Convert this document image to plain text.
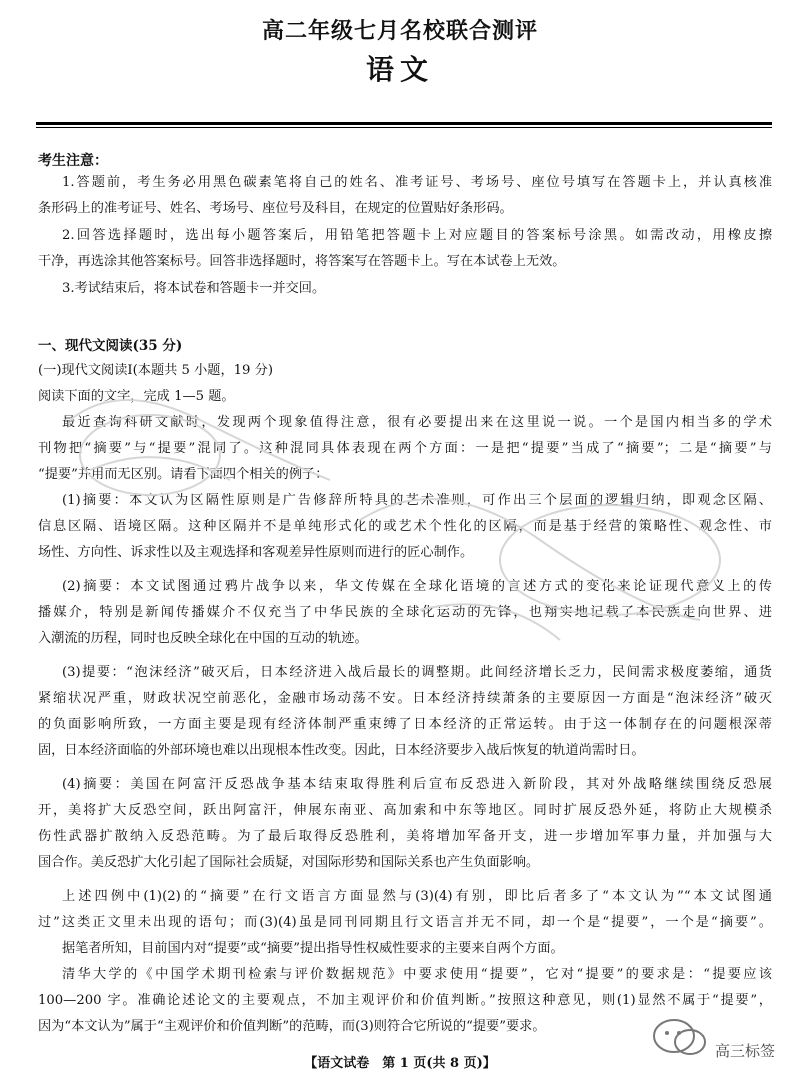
高二年级七月名校联合测评
语文
考生注意：
1.答题前，考生务必用黑色碳素笔将自己的姓名、准考证号、考场号、座位号填写在答题卡上，并认真核准
条形码上的准考证号、姓名、考场号、座位号及科目，在规定的位置贴好条形码。
2.回答选择题时，选出每小题答案后，用铅笔把答题卡上对应题目的答案标号涂黑。如需改动，用橡皮擦
干净，再选涂其他答案标号。回答非选择题时，将答案写在答题卡上。写在本试卷上无效。
3.考试结束后，将本试卷和答题卡一并交回。
一、现代文阅读(35 分)
(一)现代文阅读Ⅰ(本题共 5 小题，19 分)
阅读下面的文字，完成 1—5 题。
最近查询科研文献时，发现两个现象值得注意，很有必要提出来在这里说一说。一个是国内相当多的学术
刊物把“摘要”与“提要”混同了。这种混同具体表现在两个方面：一是把“提要”当成了“摘要”；二是“摘要”与
“提要”并用而无区别。请看下面四个相关的例子：
(1)摘要：本文认为区隔性原则是广告修辞所特具的艺术准则，可作出三个层面的逻辑归纳，即观念区隔、
信息区隔、语境区隔。这种区隔并不是单纯形式化的或艺术个性化的区隔，而是基于经营的策略性、观念性、市
场性、方向性、诉求性以及主观选择和客观差异性原则而进行的匠心制作。
(2)摘要：本文试图通过鸦片战争以来，华文传媒在全球化语境的言述方式的变化来论证现代意义上的传
播媒介，特别是新闻传播媒介不仅充当了中华民族的全球化运动的先锋，也翔实地记载了本民族走向世界、进
入潮流的历程，同时也反映全球化在中国的互动的轨迹。
(3)提要：“泡沫经济”破灭后，日本经济进入战后最长的调整期。此间经济增长乏力，民间需求极度萎缩，通货
紧缩状况严重，财政状况空前恶化，金融市场动荡不安。日本经济持续萧条的主要原因一方面是“泡沫经济”破灭
的负面影响所致，一方面主要是现有经济体制严重束缚了日本经济的正常运转。由于这一体制存在的问题根深蒂
固，日本经济面临的外部环境也难以出现根本性改变。因此，日本经济要步入战后恢复的轨道尚需时日。
(4)摘要：美国在阿富汗反恐战争基本结束取得胜利后宣布反恐进入新阶段，其对外战略继续围绕反恐展
开，美将扩大反恐空间，跃出阿富汗，伸展东南亚、高加索和中东等地区。同时扩展反恐外延，将防止大规模杀
伤性武器扩散纳入反恐范畴。为了最后取得反恐胜利，美将增加军备开支，进一步增加军事力量，并加强与大
国合作。美反恐扩大化引起了国际社会质疑，对国际形势和国际关系也产生负面影响。
上述四例中(1)(2)的“摘要”在行文语言方面显然与(3)(4)有别，即比后者多了“本文认为”“本文试图通
过”这类正文里未出现的语句；而(3)(4)虽是同刊同期且行文语言并无不同，却一个是“提要”，一个是“摘要”。
据笔者所知，目前国内对“提要”或“摘要”提出指导性权威性要求的主要来自两个方面。
清华大学的《中国学术期刊检索与评价数据规范》中要求使用“提要”，它对“提要”的要求是：“提要应该
100—200 字。准确论述论文的主要观点，不加主观评价和价值判断。”按照这种意见，则(1)显然不属于“提要”，
因为“本文认为”属于“主观评价和价值判断”的范畴，而(3)则符合它所说的“提要”要求。
【语文试卷　第 1 页(共 8 页)】
高三标签
